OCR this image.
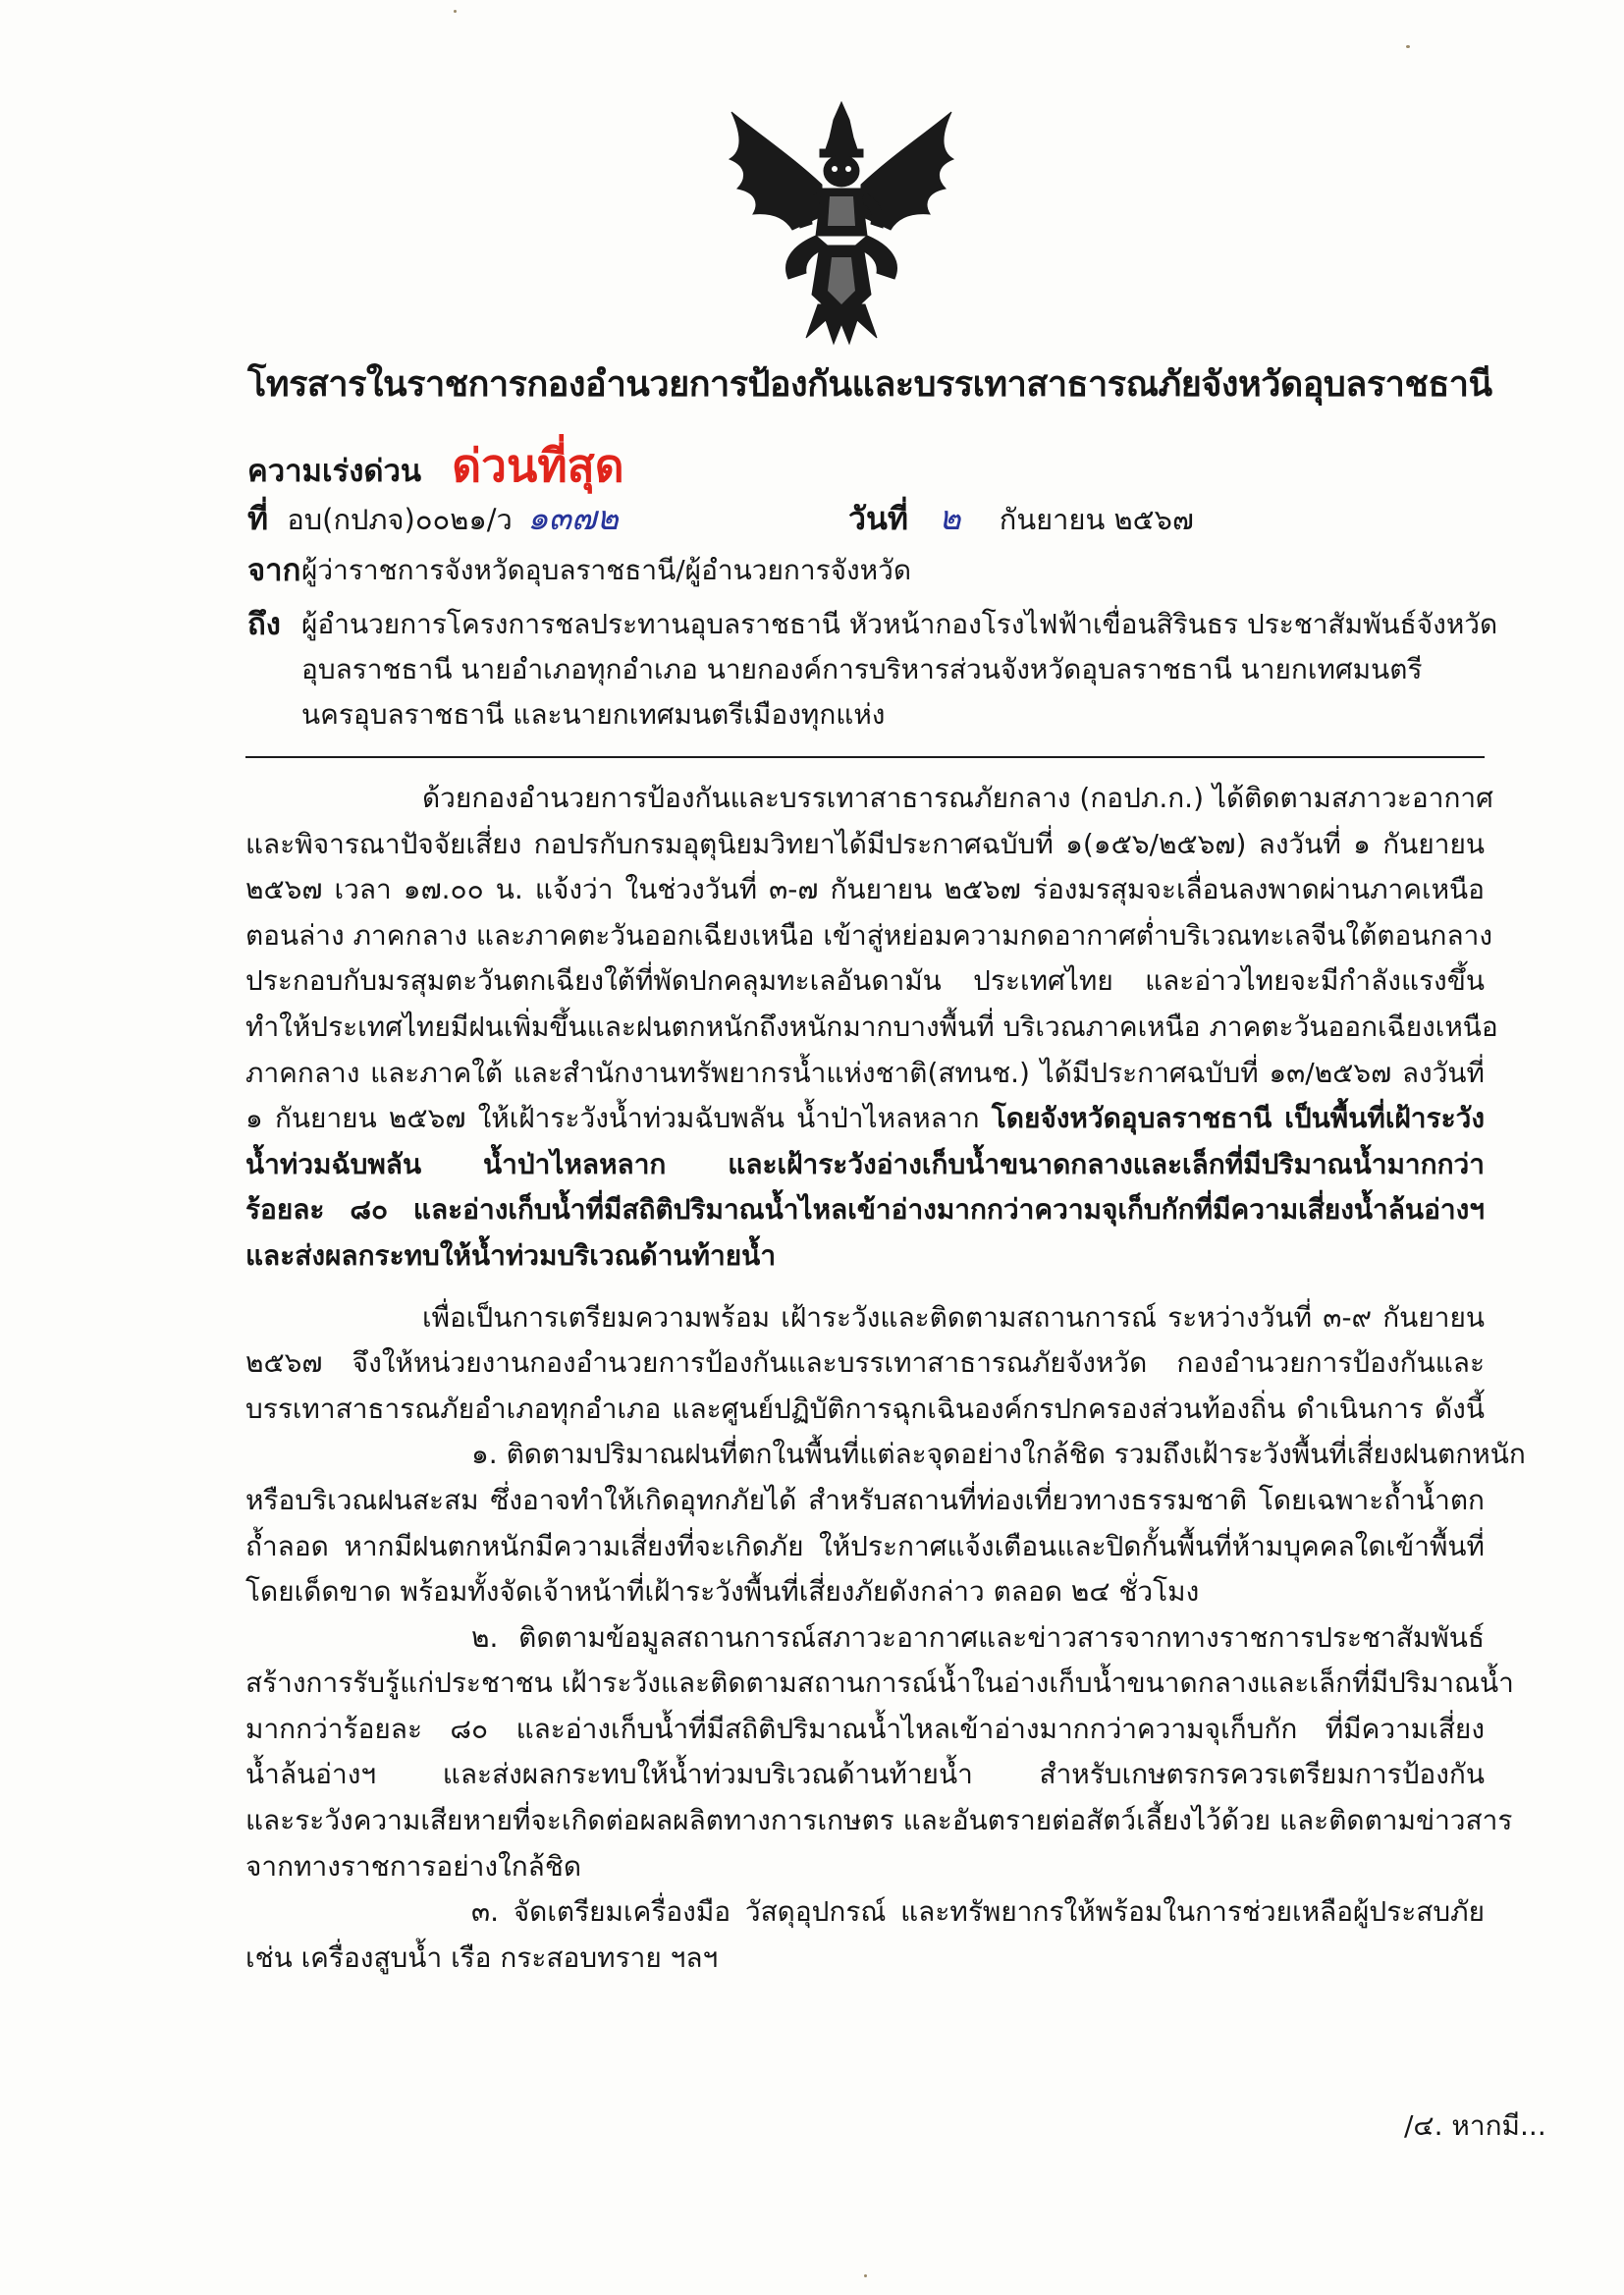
โทรสารในราชการกองอำนวยการป้องกันและบรรเทาสาธารณภัยจังหวัดอุบลราชธานี
ความเร่งด่วน ด่วนที่สุด
ที่ อบ(กปภจ)๐๐๒๑/ว ๑๓๗๒	วันที่ ๒ กันยายน ๒๕๖๗
จาก ผู้ว่าราชการจังหวัดอุบลราชธานี/ผู้อำนวยการจังหวัด
ถึง ผู้อำนวยการโครงการชลประทานอุบลราชธานี หัวหน้ากองโรงไฟฟ้าเขื่อนสิรินธร ประชาสัมพันธ์จังหวัด
อุบลราชธานี นายอำเภอทุกอำเภอ นายกองค์การบริหารส่วนจังหวัดอุบลราชธานี นายกเทศมนตรี
นครอุบลราชธานี และนายกเทศมนตรีเมืองทุกแห่ง
ด้วยกองอำนวยการป้องกันและบรรเทาสาธารณภัยกลาง (กอปภ.ก.) ได้ติดตามสภาวะอากาศ
และพิจารณาปัจจัยเสี่ยง กอปรกับกรมอุตุนิยมวิทยาได้มีประกาศฉบับที่ ๑(๑๕๖/๒๕๖๗) ลงวันที่ ๑ กันยายน
๒๕๖๗ เวลา ๑๗.๐๐ น. แจ้งว่า ในช่วงวันที่ ๓-๗ กันยายน ๒๕๖๗ ร่องมรสุมจะเลื่อนลงพาดผ่านภาคเหนือ
ตอนล่าง ภาคกลาง และภาคตะวันออกเฉียงเหนือ เข้าสู่หย่อมความกดอากาศต่ำบริเวณทะเลจีนใต้ตอนกลาง
ประกอบกับมรสุมตะวันตกเฉียงใต้ที่พัดปกคลุมทะเลอันดามัน ประเทศไทย และอ่าวไทยจะมีกำลังแรงขึ้น
ทำให้ประเทศไทยมีฝนเพิ่มขึ้นและฝนตกหนักถึงหนักมากบางพื้นที่ บริเวณภาคเหนือ ภาคตะวันออกเฉียงเหนือ
ภาคกลาง และภาคใต้ และสำนักงานทรัพยากรน้ำแห่งชาติ(สทนช.) ได้มีประกาศฉบับที่ ๑๓/๒๕๖๗ ลงวันที่
๑ กันยายน ๒๕๖๗ ให้เฝ้าระวังน้ำท่วมฉับพลัน น้ำป่าไหลหลาก โดยจังหวัดอุบลราชธานี เป็นพื้นที่เฝ้าระวัง
น้ำท่วมฉับพลัน น้ำป่าไหลหลาก และเฝ้าระวังอ่างเก็บน้ำขนาดกลางและเล็กที่มีปริมาณน้ำมากกว่า
ร้อยละ ๘๐ และอ่างเก็บน้ำที่มีสถิติปริมาณน้ำไหลเข้าอ่างมากกว่าความจุเก็บกักที่มีความเสี่ยงน้ำล้นอ่างฯ
และส่งผลกระทบให้น้ำท่วมบริเวณด้านท้ายน้ำ
เพื่อเป็นการเตรียมความพร้อม เฝ้าระวังและติดตามสถานการณ์ ระหว่างวันที่ ๓-๙ กันยายน
๒๕๖๗ จึงให้หน่วยงานกองอำนวยการป้องกันและบรรเทาสาธารณภัยจังหวัด กองอำนวยการป้องกันและ
บรรเทาสาธารณภัยอำเภอทุกอำเภอ และศูนย์ปฏิบัติการฉุกเฉินองค์กรปกครองส่วนท้องถิ่น ดำเนินการ ดังนี้
๑. ติดตามปริมาณฝนที่ตกในพื้นที่แต่ละจุดอย่างใกล้ชิด รวมถึงเฝ้าระวังพื้นที่เสี่ยงฝนตกหนัก
หรือบริเวณฝนสะสม ซึ่งอาจทำให้เกิดอุทกภัยได้ สำหรับสถานที่ท่องเที่ยวทางธรรมชาติ โดยเฉพาะถ้ำน้ำตก
ถ้ำลอด หากมีฝนตกหนักมีความเสี่ยงที่จะเกิดภัย ให้ประกาศแจ้งเตือนและปิดกั้นพื้นที่ห้ามบุคคลใดเข้าพื้นที่
โดยเด็ดขาด พร้อมทั้งจัดเจ้าหน้าที่เฝ้าระวังพื้นที่เสี่ยงภัยดังกล่าว ตลอด ๒๔ ชั่วโมง
๒. ติดตามข้อมูลสถานการณ์สภาวะอากาศและข่าวสารจากทางราชการประชาสัมพันธ์
สร้างการรับรู้แก่ประชาชน เฝ้าระวังและติดตามสถานการณ์น้ำในอ่างเก็บน้ำขนาดกลางและเล็กที่มีปริมาณน้ำ
มากกว่าร้อยละ ๘๐ และอ่างเก็บน้ำที่มีสถิติปริมาณน้ำไหลเข้าอ่างมากกว่าความจุเก็บกัก ที่มีความเสี่ยง
น้ำล้นอ่างฯ และส่งผลกระทบให้น้ำท่วมบริเวณด้านท้ายน้ำ สำหรับเกษตรกรควรเตรียมการป้องกัน
และระวังความเสียหายที่จะเกิดต่อผลผลิตทางการเกษตร และอันตรายต่อสัตว์เลี้ยงไว้ด้วย และติดตามข่าวสาร
จากทางราชการอย่างใกล้ชิด
๓. จัดเตรียมเครื่องมือ วัสดุอุปกรณ์ และทรัพยากรให้พร้อมในการช่วยเหลือผู้ประสบภัย
เช่น เครื่องสูบน้ำ เรือ กระสอบทราย ฯลฯ
/๔. หากมี...
